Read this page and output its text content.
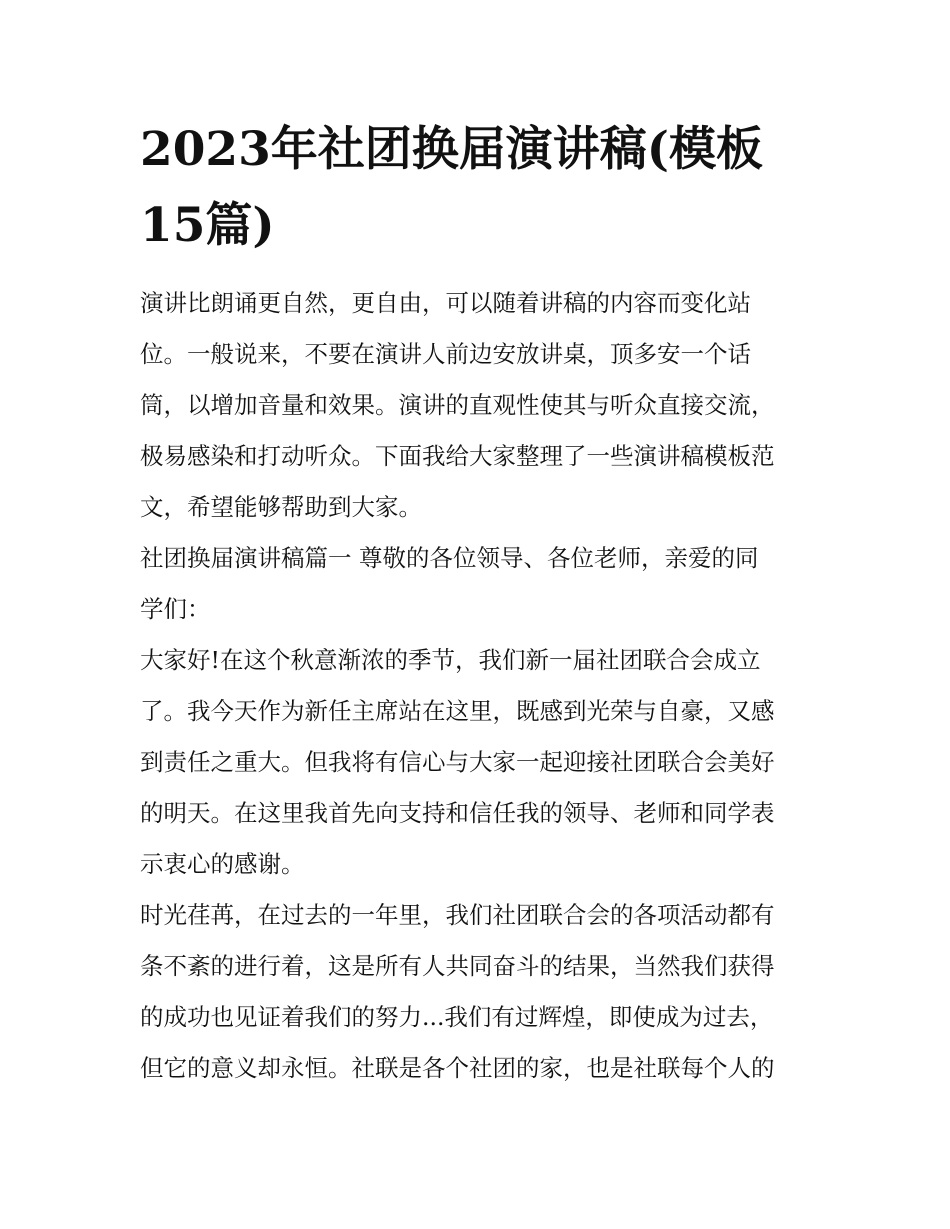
2023年社团换届演讲稿(模板
15篇)

演讲比朗诵更自然，更自由，可以随着讲稿的内容而变化站
位。一般说来，不要在演讲人前边安放讲桌，顶多安一个话
筒，以增加音量和效果。演讲的直观性使其与听众直接交流，
极易感染和打动听众。下面我给大家整理了一些演讲稿模板范
文，希望能够帮助到大家。

社团换届演讲稿篇一 尊敬的各位领导、各位老师，亲爱的同
学们：

大家好!在这个秋意渐浓的季节，我们新一届社团联合会成立
了。我今天作为新任主席站在这里，既感到光荣与自豪，又感
到责任之重大。但我将有信心与大家一起迎接社团联合会美好
的明天。在这里我首先向支持和信任我的领导、老师和同学表
示衷心的感谢。

时光荏苒，在过去的一年里，我们社团联合会的各项活动都有
条不紊的进行着，这是所有人共同奋斗的结果，当然我们获得
的成功也见证着我们的努力...我们有过辉煌，即使成为过去，
但它的意义却永恒。社联是各个社团的家，也是社联每个人的
